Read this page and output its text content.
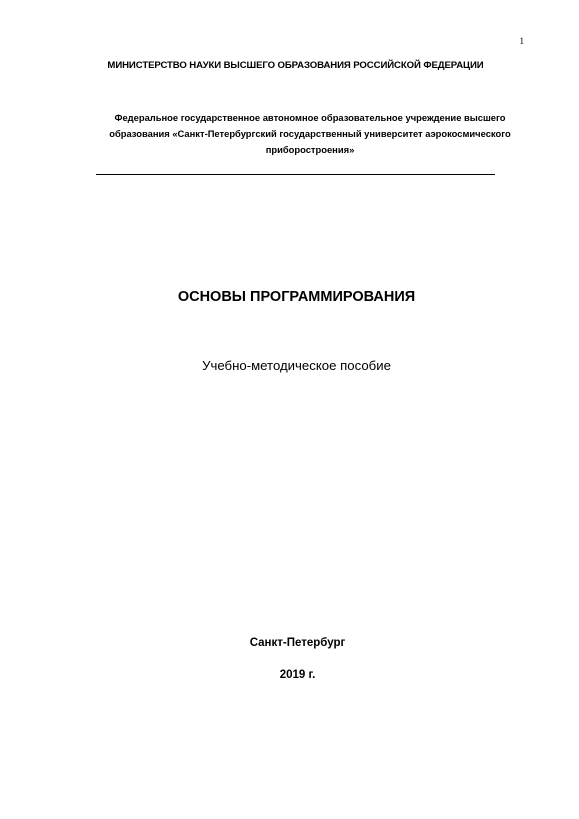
1
МИНИСТЕРСТВО НАУКИ ВЫСШЕГО ОБРАЗОВАНИЯ РОССИЙСКОЙ ФЕДЕРАЦИИ
Федеральное государственное автономное образовательное учреждение высшего образования «Санкт-Петербургский государственный университет аэрокосмического приборостроения»
ОСНОВЫ ПРОГРАММИРОВАНИЯ
Учебно-методическое пособие
Санкт-Петербург
2019 г.
